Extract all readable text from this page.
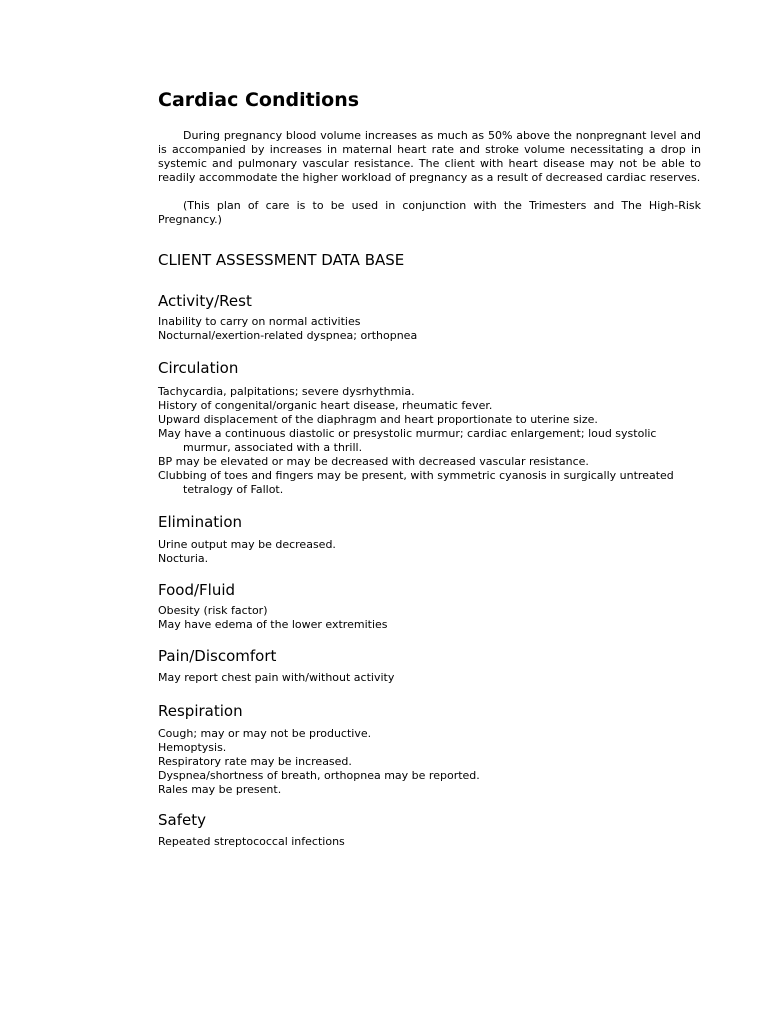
Cardiac Conditions

During pregnancy blood volume increases as much as 50% above the nonpregnant level and is accompanied by increases in maternal heart rate and stroke volume necessitating a drop in systemic and pulmonary vascular resistance. The client with heart disease may not be able to readily accommodate the higher workload of pregnancy as a result of decreased cardiac reserves.

(This plan of care is to be used in conjunction with the Trimesters and The High-Risk Pregnancy.)

CLIENT ASSESSMENT DATA BASE
Activity/Rest
Inability to carry on normal activities
Nocturnal/exertion-related dyspnea; orthopnea
Circulation
Tachycardia, palpitations; severe dysrhythmia.
History of congenital/organic heart disease, rheumatic fever.
Upward displacement of the diaphragm and heart proportionate to uterine size.
May have a continuous diastolic or presystolic murmur; cardiac enlargement; loud systolic murmur, associated with a thrill.
BP may be elevated or may be decreased with decreased vascular resistance.
Clubbing of toes and fingers may be present, with symmetric cyanosis in surgically untreated tetralogy of Fallot.
Elimination
Urine output may be decreased.
Nocturia.
Food/Fluid
Obesity (risk factor)
May have edema of the lower extremities
Pain/Discomfort
May report chest pain with/without activity
Respiration
Cough; may or may not be productive.
Hemoptysis.
Respiratory rate may be increased.
Dyspnea/shortness of breath, orthopnea may be reported.
Rales may be present.
Safety
Repeated streptococcal infections
